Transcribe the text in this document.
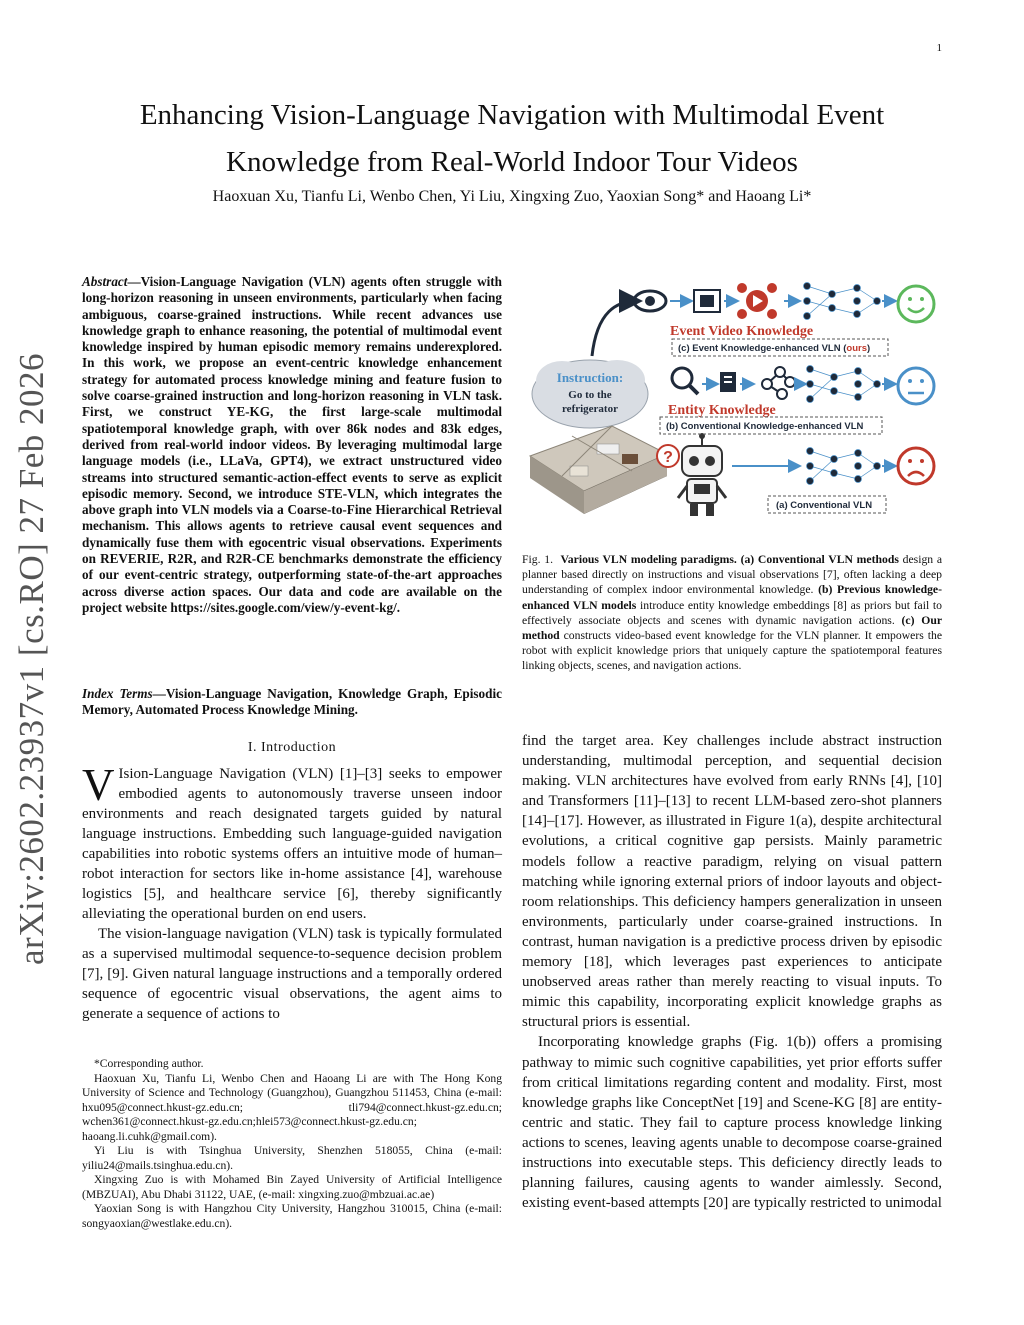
1
arXiv:2602.23937v1 [cs.RO] 27 Feb 2026
Enhancing Vision-Language Navigation with Multimodal Event
Knowledge from Real-World Indoor Tour Videos
Haoxuan Xu, Tianfu Li, Wenbo Chen, Yi Liu, Xingxing Zuo, Yaoxian Song* and Haoang Li*
Abstract—Vision-Language Navigation (VLN) agents often struggle with long-horizon reasoning in unseen environments, particularly when facing ambiguous, coarse-grained instructions. While recent advances use knowledge graph to enhance reasoning, the potential of multimodal event knowledge inspired by human episodic memory remains underexplored. In this work, we propose an event-centric knowledge enhancement strategy for automated process knowledge mining and feature fusion to solve coarse-grained instruction and long-horizon reasoning in VLN task. First, we construct YE-KG, the first large-scale multimodal spatiotemporal knowledge graph, with over 86k nodes and 83k edges, derived from real-world indoor videos. By leveraging multimodal large language models (i.e., LLaVa, GPT4), we extract unstructured video streams into structured semantic-action-effect events to serve as explicit episodic memory. Second, we introduce STE-VLN, which integrates the above graph into VLN models via a Coarse-to-Fine Hierarchical Retrieval mechanism. This allows agents to retrieve causal event sequences and dynamically fuse them with egocentric visual observations. Experiments on REVERIE, R2R, and R2R-CE benchmarks demonstrate the efficiency of our event-centric strategy, outperforming state-of-the-art approaches across diverse action spaces. Our data and code are available on the project website https://sites.google.com/view/y-event-kg/.
Index Terms—Vision-Language Navigation, Knowledge Graph, Episodic Memory, Automated Process Knowledge Mining.
I. Introduction

V Ision-Language Navigation (VLN) [1]–[3] seeks to empower embodied agents to autonomously traverse unseen indoor environments and reach designated targets guided by natural language instructions. Embedding such language-guided navigation capabilities into robotic systems offers an intuitive mode of human–robot interaction for sectors like in-home assistance [4], warehouse logistics [5], and healthcare service [6], thereby significantly alleviating the operational burden on end users.

The vision-language navigation (VLN) task is typically formulated as a supervised multimodal sequence-to-sequence decision problem [7], [9]. Given natural language instructions and a temporally ordered sequence of egocentric visual observations, the agent aims to generate a sequence of actions to

*Corresponding author.

Haoxuan Xu, Tianfu Li, Wenbo Chen and Haoang Li are with The Hong Kong University of Science and Technology (Guangzhou), Guangzhou 511453, China (e-mail: hxu095@connect.hkust-gz.edu.cn; tli794@connect.hkust-gz.edu.cn; wchen361@connect.hkust-gz.edu.cn;hlei573@connect.hkust-gz.edu.cn; haoang.li.cuhk@gmail.com).

Yi Liu is with Tsinghua University, Shenzhen 518055, China (e-mail: yiliu24@mails.tsinghua.edu.cn).

Xingxing Zuo is with Mohamed Bin Zayed University of Artificial Intelligence (MBZUAI), Abu Dhabi 31122, UAE, (e-mail: xingxing.zuo@mbzuai.ac.ae)

Yaoxian Song is with Hangzhou City University, Hangzhou 310015, China (e-mail: songyaoxian@westlake.edu.cn).

Instruction:
Go to the
refrigerator
?
Event Video Knowledge
(c) Event Knowledge-enhanced VLN (ours)
Entity Knowledge
(b) Conventional Knowledge-enhanced VLN
(a) Conventional VLN
Fig. 1. Various VLN modeling paradigms. (a) Conventional VLN methods design a planner based directly on instructions and visual observations [7], often lacking a deep understanding of complex indoor environmental knowledge. (b) Previous knowledge-enhanced VLN models introduce entity knowledge embeddings [8] as priors but fail to effectively associate objects and scenes with dynamic navigation actions. (c) Our method constructs video-based event knowledge for the VLN planner. It empowers the robot with explicit knowledge priors that uniquely capture the spatiotemporal features linking objects, scenes, and navigation actions.

find the target area. Key challenges include abstract instruction understanding, multimodal perception, and sequential decision making. VLN architectures have evolved from early RNNs [4], [10] and Transformers [11]–[13] to recent LLM-based zero-shot planners [14]–[17]. However, as illustrated in Figure 1(a), despite architectural evolutions, a critical cognitive gap persists. Mainly parametric models follow a reactive paradigm, relying on visual pattern matching while ignoring external priors of indoor layouts and object-room relationships. This deficiency hampers generalization in unseen environments, particularly under coarse-grained instructions. In contrast, human navigation is a predictive process driven by episodic memory [18], which leverages past experiences to anticipate unobserved areas rather than merely reacting to visual inputs. To mimic this capability, incorporating explicit knowledge graphs as structural priors is essential.

Incorporating knowledge graphs (Fig. 1(b)) offers a promising pathway to mimic such cognitive capabilities, yet prior efforts suffer from critical limitations regarding content and modality. First, most knowledge graphs like ConceptNet [19] and Scene-KG [8] are entity-centric and static. They fail to capture process knowledge linking actions to scenes, leaving agents unable to decompose coarse-grained instructions into executable steps. This deficiency directly leads to planning failures, causing agents to wander aimlessly. Second, existing event-based attempts [20] are typically restricted to unimodal
